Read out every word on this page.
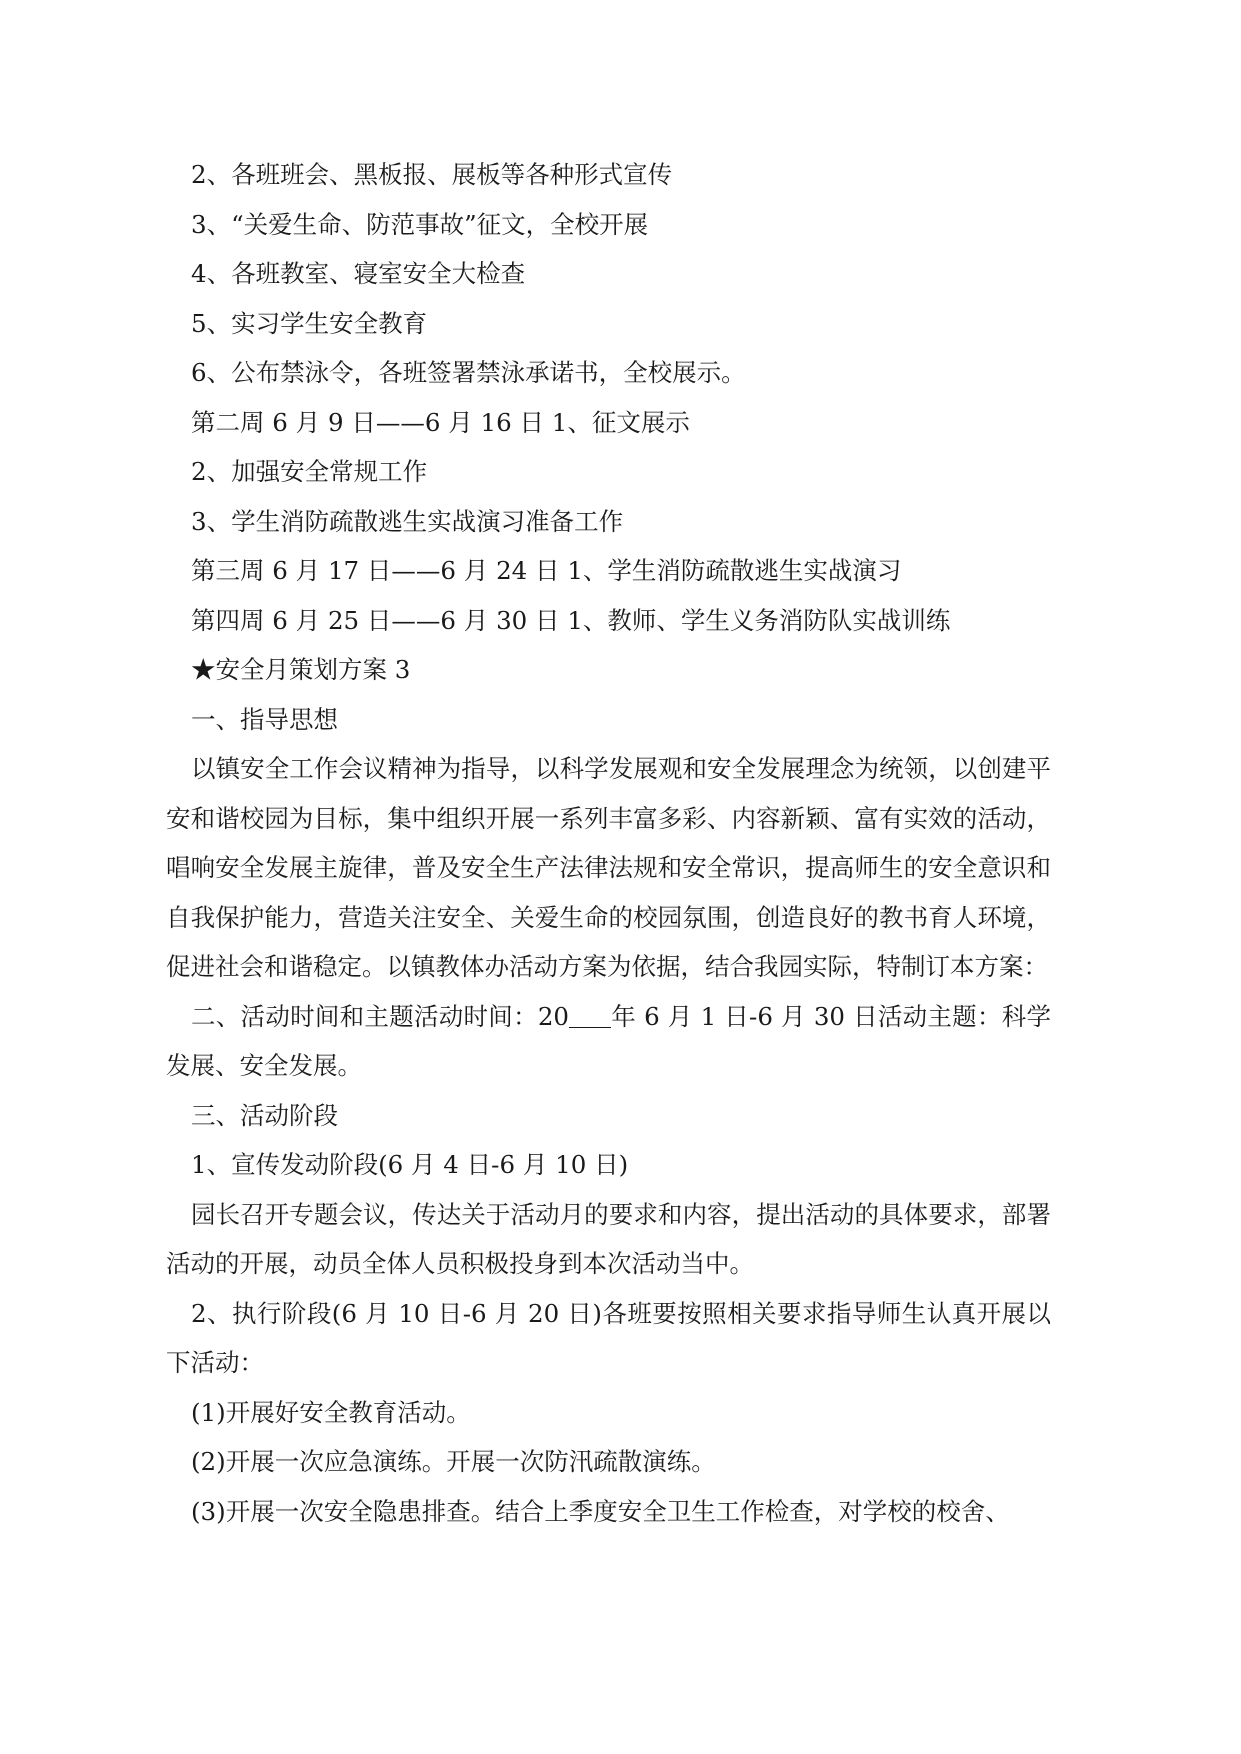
2、各班班会、黑板报、展板等各种形式宣传
3、“关爱生命、防范事故”征文，全校开展
4、各班教室、寝室安全大检查
5、实习学生安全教育
6、公布禁泳令，各班签署禁泳承诺书，全校展示。
第二周 6 月 9 日——6 月 16 日 1、征文展示
2、加强安全常规工作
3、学生消防疏散逃生实战演习准备工作
第三周 6 月 17 日——6 月 24 日 1、学生消防疏散逃生实战演习
第四周 6 月 25 日——6 月 30 日 1、教师、学生义务消防队实战训练
★安全月策划方案 3
一、指导思想
以镇安全工作会议精神为指导，以科学发展观和安全发展理念为统领，以创建平安和谐校园为目标，集中组织开展一系列丰富多彩、内容新颖、富有实效的活动，唱响安全发展主旋律，普及安全生产法律法规和安全常识，提高师生的安全意识和自我保护能力，营造关注安全、关爱生命的校园氛围，创造良好的教书育人环境，促进社会和谐稳定。以镇教体办活动方案为依据，结合我园实际，特制订本方案：
二、活动时间和主题活动时间：20 年 6 月 1 日-6 月 30 日活动主题：科学发展、安全发展。
三、活动阶段
1、宣传发动阶段(6 月 4 日-6 月 10 日)
园长召开专题会议，传达关于活动月的要求和内容，提出活动的具体要求，部署活动的开展，动员全体人员积极投身到本次活动当中。
2、执行阶段(6 月 10 日-6 月 20 日)各班要按照相关要求指导师生认真开展以下活动：
(1)开展好安全教育活动。
(2)开展一次应急演练。开展一次防汛疏散演练。
(3)开展一次安全隐患排查。结合上季度安全卫生工作检查，对学校的校舍、
